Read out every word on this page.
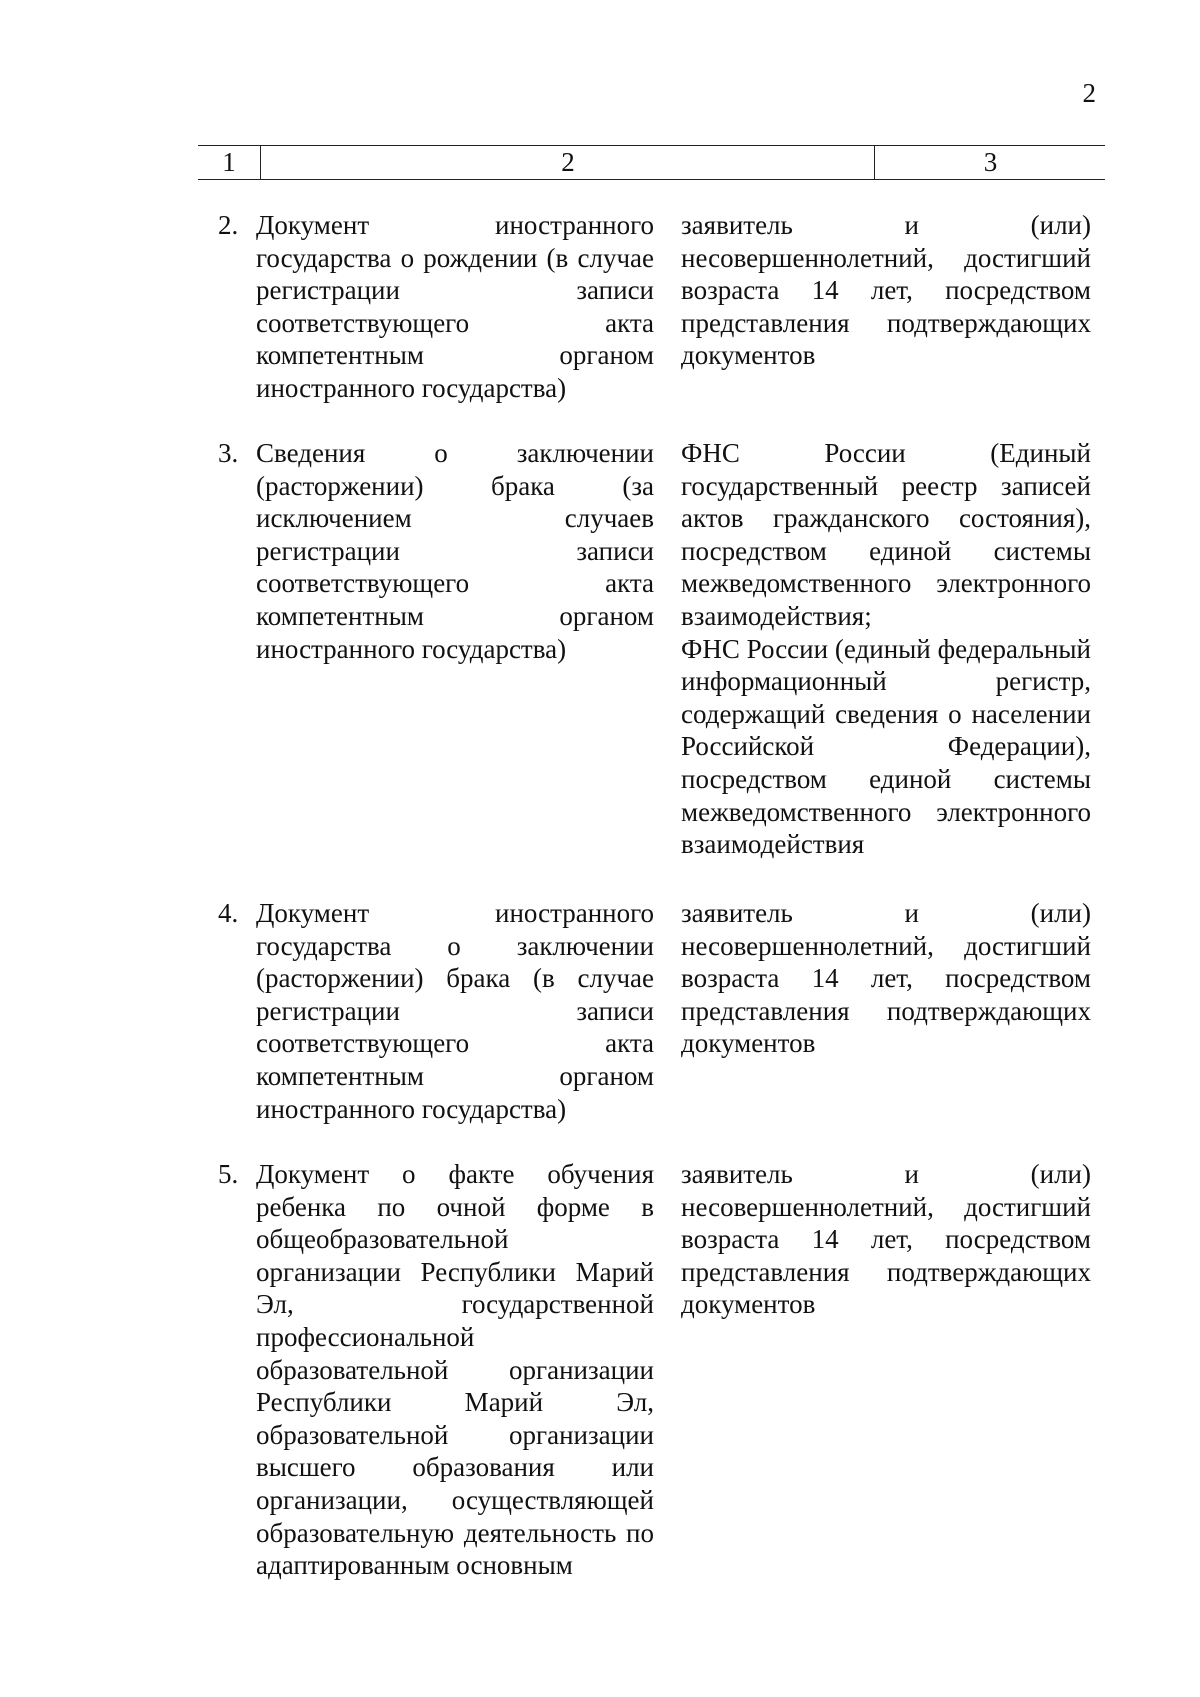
2
1	2	3
2. Документ иностранного государства о рождении (в случае регистрации записи соответствующего акта компетентным органом иностранного государства)
заявитель и (или) несовершеннолетний, достигший возраста 14 лет, посредством представления подтверждающих документов
3. Сведения о заключении (расторжении) брака (за исключением случаев регистрации записи соответствующего акта компетентным органом иностранного государства)
ФНС России (Единый государственный реестр записей актов гражданского состояния), посредством единой системы межведомственного электронного взаимодействия;
ФНС России (единый федеральный информационный регистр, содержащий сведения о населении Российской Федерации), посредством единой системы межведомственного электронного взаимодействия
4. Документ иностранного государства о заключении (расторжении) брака (в случае регистрации записи соответствующего акта компетентным органом иностранного государства)
заявитель и (или) несовершеннолетний, достигший возраста 14 лет, посредством представления подтверждающих документов
5. Документ о факте обучения ребенка по очной форме в общеобразовательной организации Республики Марий Эл, государственной профессиональной образовательной организации Республики Марий Эл, образовательной организации высшего образования или организации, осуществляющей образовательную деятельность по адаптированным основным
заявитель и (или) несовершеннолетний, достигший возраста 14 лет, посредством представления подтверждающих документов
